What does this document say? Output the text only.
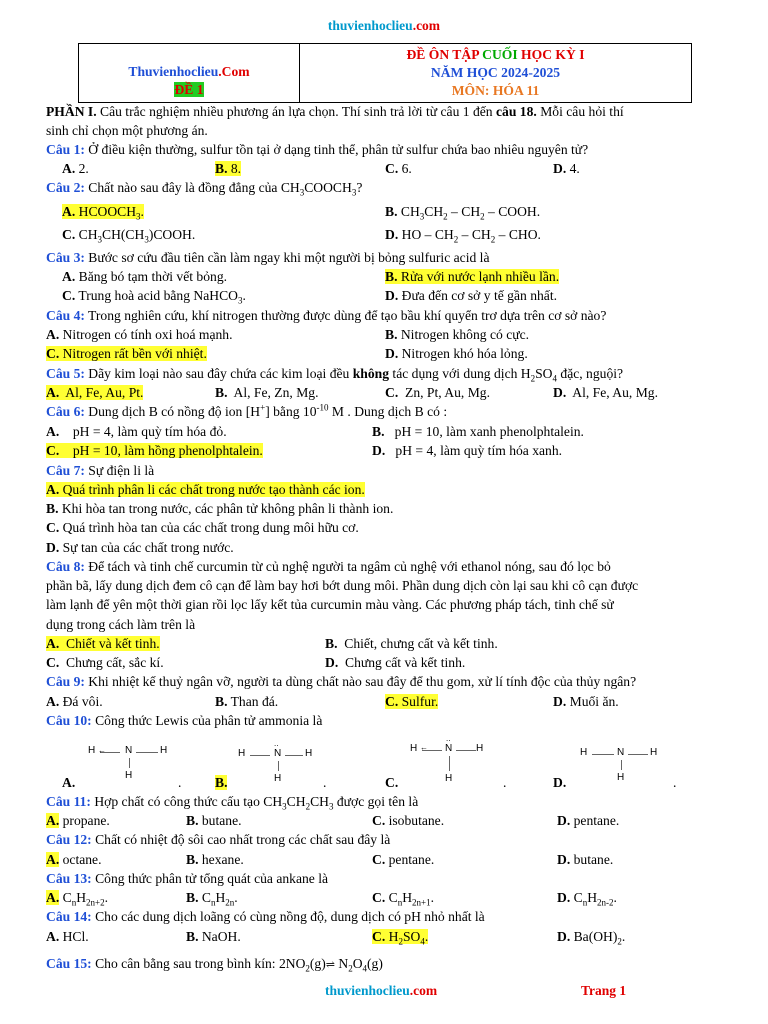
thuvienhoclieu.com
Thuvienhoclieu.Com
ĐỀ 1
ĐỀ ÔN TẬP CUỐI HỌC KỲ I
NĂM HỌC 2024-2025
MÔN: HÓA 11
PHẦN I. Câu trắc nghiệm nhiều phương án lựa chọn. Thí sinh trả lời từ câu 1 đến câu 18. Mỗi câu hỏi thí
sinh chỉ chọn một phương án.
Câu 1: Ở điều kiện thường, sulfur tồn tại ở dạng tinh thể, phân tử sulfur chứa bao nhiêu nguyên tử?
A. 2.	B. 8.	C. 6.	D. 4.
Câu 2: Chất nào sau đây là đồng đẳng của $CH_3COOCH_3$?
A. $HCOOCH_3$.	B. $CH_3CH_2 - CH_2$ – COOH.
C. $CH_3CH(CH_3)COOH$.	D. HO – $CH_2 - CH_2$ – CHO.
Câu 3: Bước sơ cứu đầu tiên cần làm ngay khi một người bị bỏng sulfuric acid là
A. Băng bó tạm thời vết bỏng.	B. Rửa với nước lạnh nhiều lần.
C. Trung hoà acid bằng NaHCO$_3$.	D. Đưa đến cơ sở y tế gần nhất.
Câu 4: Trong nghiên cứu, khí nitrogen thường được dùng để tạo bầu khí quyển trơ dựa trên cơ sở nào?
A. Nitrogen có tính oxi hoá mạnh.	B. Nitrogen không có cực.
C. Nitrogen rất bền với nhiệt.	D. Nitrogen khó hóa lỏng.
Câu 5: Dãy kim loại nào sau đây chứa các kim loại đều không tác dụng với dung dịch $H_2SO_4$ đặc, nguội?
A. Al, Fe, Au, Pt.	B. Al, Fe, Zn, Mg.	C. Zn, Pt, Au, Mg.	D. Al, Fe, Au, Mg.
Câu 6: Dung dịch B có nồng độ ion [H+] bằng $10^{-10}$ M . Dung dịch B có :
A. pH = 4, làm quỳ tím hóa đỏ.	B. pH = 10, làm xanh phenolphtalein.
C. pH = 10, làm hồng phenolphtalein.	D. pH = 4, làm quỳ tím hóa xanh.
Câu 7: Sự điện li là
A. Quá trình phân li các chất trong nước tạo thành các ion.
B. Khi hòa tan trong nước, các phân tử không phân li thành ion.
C. Quá trình hòa tan của các chất trong dung môi hữu cơ.
D. Sự tan của các chất trong nước.
Câu 8: Để tách và tinh chế curcumin từ củ nghệ người ta ngâm củ nghệ với ethanol nóng, sau đó lọc bỏ
phần bã, lấy dung dịch đem cô cạn để làm bay hơi bớt dung môi. Phần dung dịch còn lại sau khi cô cạn được
làm lạnh để yên một thời gian rồi lọc lấy kết tủa curcumin màu vàng. Các phương pháp tách, tinh chế sử
dụng trong cách làm trên là
A. Chiết và kết tinh.	B. Chiết, chưng cất và kết tinh.
C. Chưng cất, sắc kí.	D. Chưng cất và kết tinh.
Câu 9: Khi nhiệt kế thuỷ ngân vỡ, người ta dùng chất nào sau đây để thu gom, xử lí tính độc của thủy ngân?
A. Đá vôi.	B. Than đá.	C. Sulfur.	D. Muối ăn.
Câu 10: Công thức Lewis của phân tử ammonia là
H ← N	H
H
H
..
N H
H
H ←
..
N H
H
H	N	H
H
A.	. B.	.	C.	.	D.	.
Câu 11: Hợp chất có công thức cấu tạo $CH_3CH_2CH_3$ được gọi tên là
A. propane.	B. butane.	C. isobutane.	D. pentane.
Câu 12: Chất có nhiệt độ sôi cao nhất trong các chất sau đây là
A. octane.	B. hexane.	C. pentane.	D. butane.
Câu 13: Công thức phân tử tổng quát của ankane là
A. $C_nH_{2n+2}$.	B. $C_nH_{2n}$.	C. $C_nH_{2n+1}$.	D. $C_nH_{2n-2}$.
Câu 14: Cho các dung dịch loãng có cùng nồng độ, dung dịch có pH nhỏ nhất là
A. HCl.	B. NaOH.	C. $H_2SO_4$.	D. $Ba(OH)_2$.
Câu 15: Cho cân bằng sau trong bình kín: $2NO_2(g)\rightleftharpoons$ $N_2O_4(g)$
thuvienhoclieu.com	Trang 1
